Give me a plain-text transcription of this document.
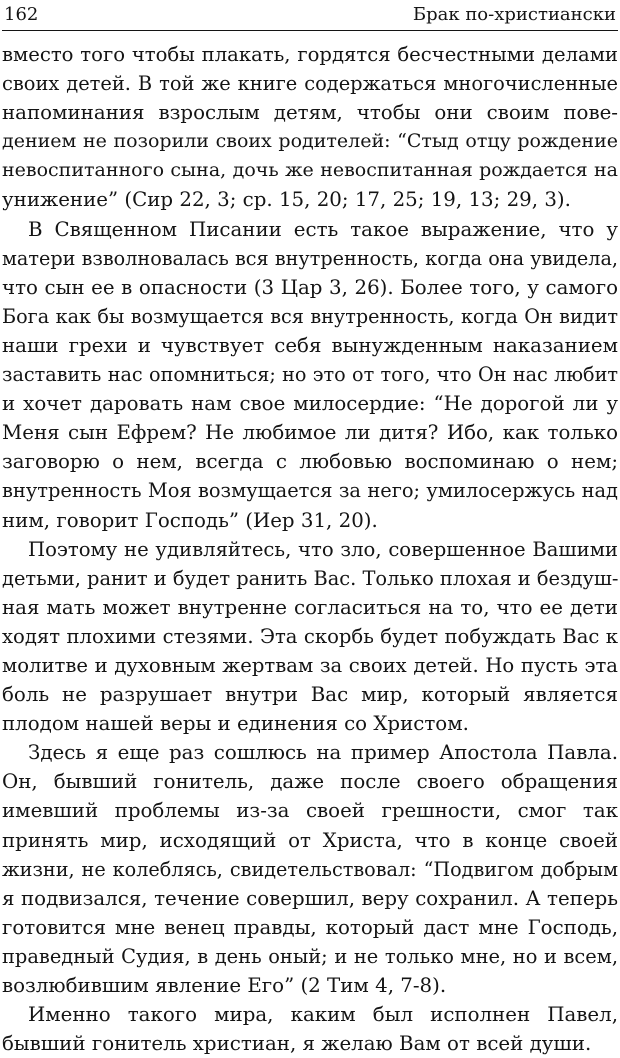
162	Брак по-христиански

вместо того чтобы плакать, гордятся бесчестными делами
своих детей. В той же книге содержаться многочисленные
напоминания взрослым детям, чтобы они своим пове-
дением не позорили своих родителей: “Стыд отцу рождение
невоспитанного сына, дочь же невоспитанная рождается на
унижение” (Сир 22, 3; ср. 15, 20; 17, 25; 19, 13; 29, 3).

В Священном Писании есть такое выражение, что у
матери взволновалась вся внутренность, когда она увидела,
что сын ее в опасности (3 Цар 3, 26). Более того, у самого
Бога как бы возмущается вся внутренность, когда Он видит
наши грехи и чувствует себя вынужденным наказанием
заставить нас опомниться; но это от того, что Он нас любит
и хочет даровать нам свое милосердие: “Не дорогой ли у
Меня сын Ефрем? Не любимое ли дитя? Ибо, как только
заговорю о нем, всегда с любовью воспоминаю о нем;
внутренность Моя возмущается за него; умилосержусь над
ним, говорит Господь” (Иер 31, 20).

Поэтому не удивляйтесь, что зло, совершенное Вашими
детьми, ранит и будет ранить Вас. Только плохая и бездуш-
ная мать может внутренне согласиться на то, что ее дети
ходят плохими стезями. Эта скорбь будет побуждать Вас к
молитве и духовным жертвам за своих детей. Но пусть эта
боль не разрушает внутри Вас мир, который является
плодом нашей веры и единения со Христом.

Здесь я еще раз сошлюсь на пример Апостола Павла.
Он, бывший гонитель, даже после своего обращения
имевший проблемы из-за своей грешности, смог так
принять мир, исходящий от Христа, что в конце своей
жизни, не колеблясь, свидетельствовал: “Подвигом добрым
я подвизался, течение совершил, веру сохранил. А теперь
готовится мне венец правды, который даст мне Господь,
праведный Судия, в день оный; и не только мне, но и всем,
возлюбившим явление Его” (2 Тим 4, 7-8).

Именно такого мира, каким был исполнен Павел,
бывший гонитель христиан, я желаю Вам от всей души.
